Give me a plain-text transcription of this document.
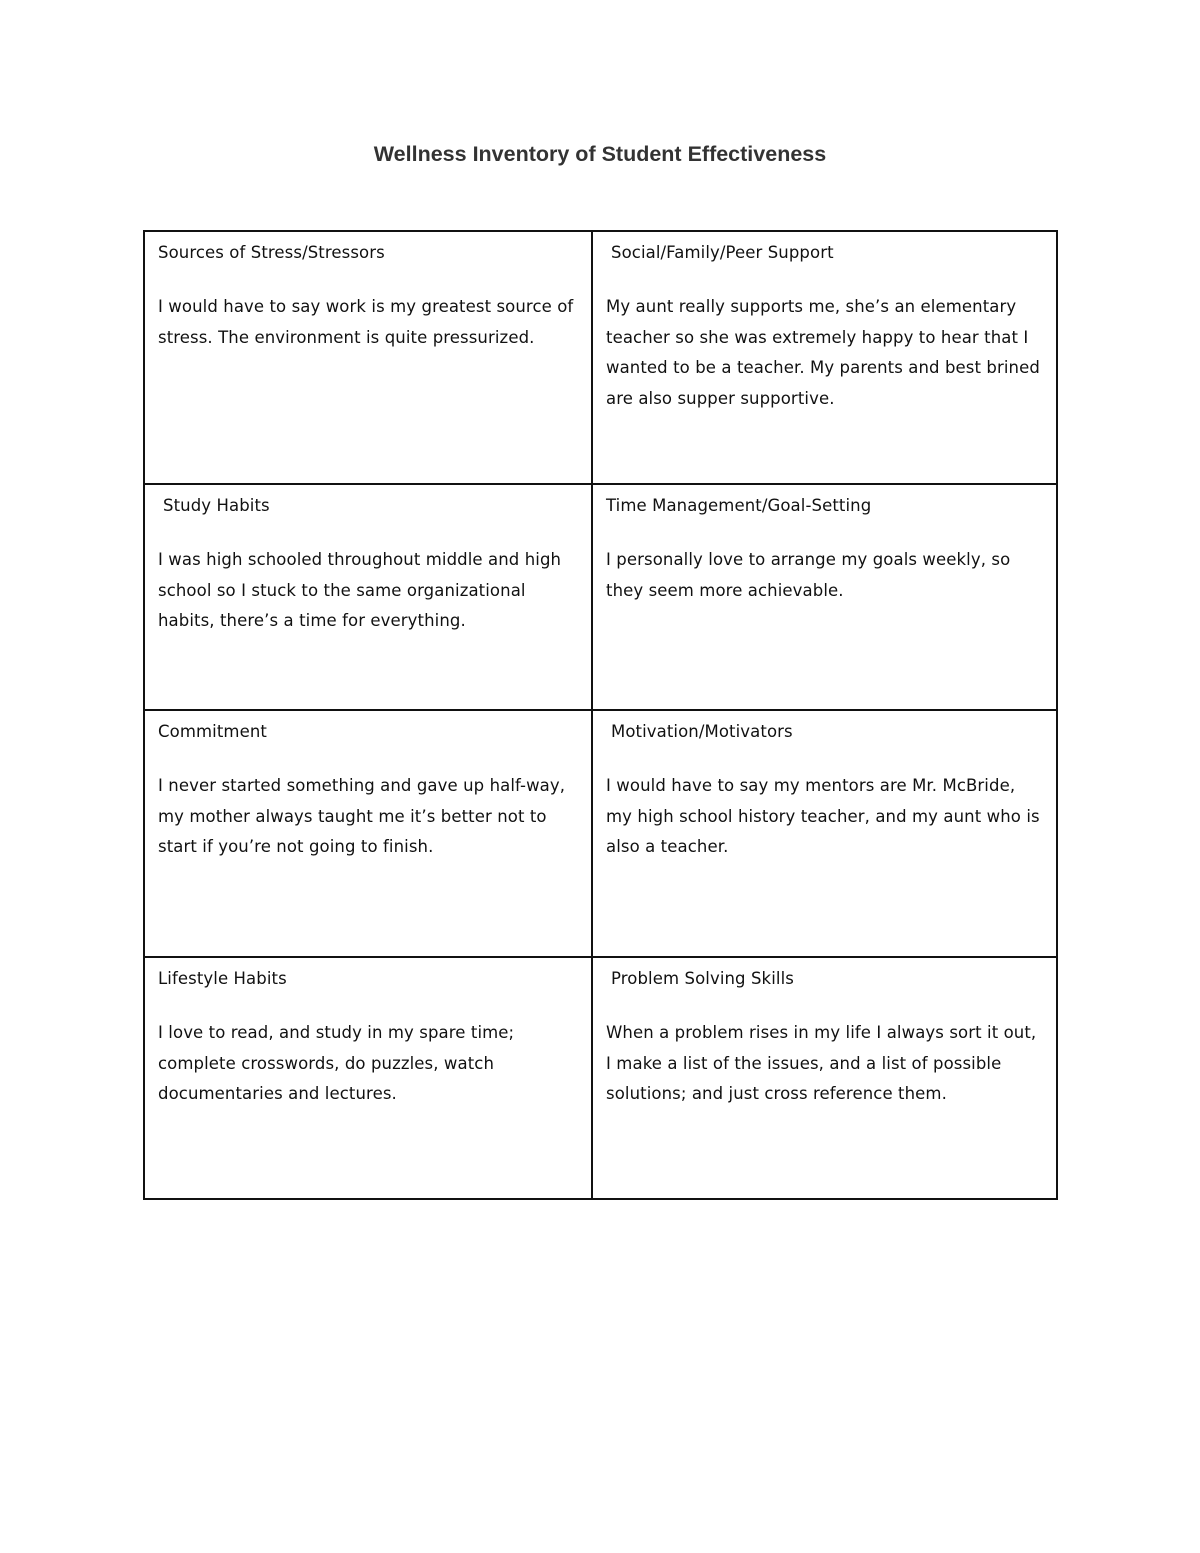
Wellness Inventory of Student Effectiveness

Sources of Stress/Stressors

I would have to say work is my greatest source of stress. The environment is quite pressurized.

Social/Family/Peer Support

My aunt really supports me, she’s an elementary teacher so she was extremely happy to hear that I wanted to be a teacher. My parents and best brined are also supper supportive.

Study Habits

I was high schooled throughout middle and high school so I stuck to the same organizational habits, there’s a time for everything.

Time Management/Goal-Setting

I personally love to arrange my goals weekly, so they seem more achievable.

Commitment

I never started something and gave up half-way, my mother always taught me it’s better not to start if you’re not going to finish.

Motivation/Motivators

I would have to say my mentors are Mr. McBride, my high school history teacher, and my aunt who is also a teacher.

Lifestyle Habits

I love to read, and study in my spare time; complete crosswords, do puzzles, watch documentaries and lectures.

Problem Solving Skills

When a problem rises in my life I always sort it out, I make a list of the issues, and a list of possible solutions; and just cross reference them.
